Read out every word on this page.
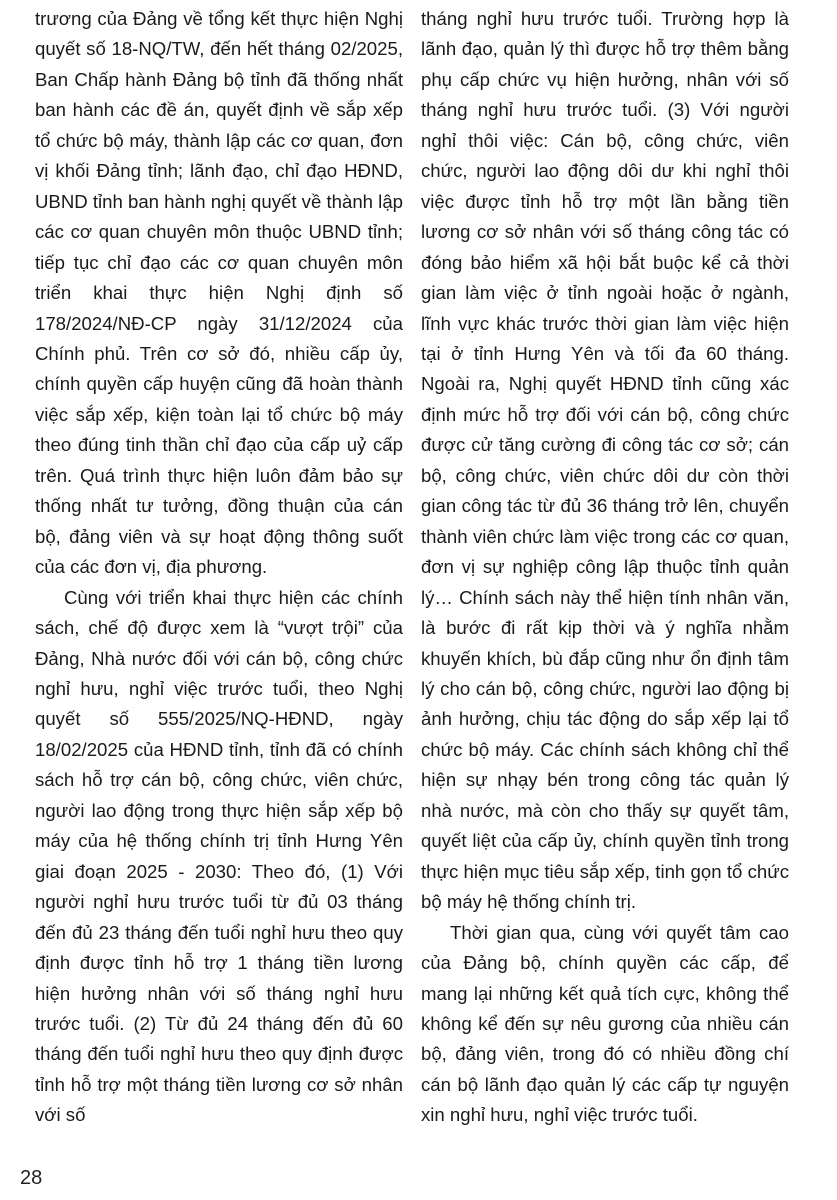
trương của Đảng về tổng kết thực hiện Nghị quyết số 18-NQ/TW, đến hết tháng 02/2025, Ban Chấp hành Đảng bộ tỉnh đã thống nhất ban hành các đề án, quyết định về sắp xếp tổ chức bộ máy, thành lập các cơ quan, đơn vị khối Đảng tỉnh; lãnh đạo, chỉ đạo HĐND, UBND tỉnh ban hành nghị quyết về thành lập các cơ quan chuyên môn thuộc UBND tỉnh; tiếp tục chỉ đạo các cơ quan chuyên môn triển khai thực hiện Nghị định số 178/2024/NĐ-CP ngày 31/12/2024 của Chính phủ. Trên cơ sở đó, nhiều cấp ủy, chính quyền cấp huyện cũng đã hoàn thành việc sắp xếp, kiện toàn lại tổ chức bộ máy theo đúng tinh thần chỉ đạo của cấp uỷ cấp trên. Quá trình thực hiện luôn đảm bảo sự thống nhất tư tưởng, đồng thuận của cán bộ, đảng viên và sự hoạt động thông suốt của các đơn vị, địa phương.

Cùng với triển khai thực hiện các chính sách, chế độ được xem là “vượt trội” của Đảng, Nhà nước đối với cán bộ, công chức nghỉ hưu, nghỉ việc trước tuổi, theo Nghị quyết số 555/2025/NQ-HĐND, ngày 18/02/2025 của HĐND tỉnh, tỉnh đã có chính sách hỗ trợ cán bộ, công chức, viên chức, người lao động trong thực hiện sắp xếp bộ máy của hệ thống chính trị tỉnh Hưng Yên giai đoạn 2025 - 2030: Theo đó, (1) Với người nghỉ hưu trước tuổi từ đủ 03 tháng đến đủ 23 tháng đến tuổi nghỉ hưu theo quy định được tỉnh hỗ trợ 1 tháng tiền lương hiện hưởng nhân với số tháng nghỉ hưu trước tuổi. (2) Từ đủ 24 tháng đến đủ 60 tháng đến tuổi nghỉ hưu theo quy định được tỉnh hỗ trợ một tháng tiền lương cơ sở nhân với số

tháng nghỉ hưu trước tuổi. Trường hợp là lãnh đạo, quản lý thì được hỗ trợ thêm bằng phụ cấp chức vụ hiện hưởng, nhân với số tháng nghỉ hưu trước tuổi. (3) Với người nghỉ thôi việc: Cán bộ, công chức, viên chức, người lao động dôi dư khi nghỉ thôi việc được tỉnh hỗ trợ một lần bằng tiền lương cơ sở nhân với số tháng công tác có đóng bảo hiểm xã hội bắt buộc kể cả thời gian làm việc ở tỉnh ngoài hoặc ở ngành, lĩnh vực khác trước thời gian làm việc hiện tại ở tỉnh Hưng Yên và tối đa 60 tháng. Ngoài ra, Nghị quyết HĐND tỉnh cũng xác định mức hỗ trợ đối với cán bộ, công chức được cử tăng cường đi công tác cơ sở; cán bộ, công chức, viên chức dôi dư còn thời gian công tác từ đủ 36 tháng trở lên, chuyển thành viên chức làm việc trong các cơ quan, đơn vị sự nghiệp công lập thuộc tỉnh quản lý… Chính sách này thể hiện tính nhân văn, là bước đi rất kịp thời và ý nghĩa nhằm khuyến khích, bù đắp cũng như ổn định tâm lý cho cán bộ, công chức, người lao động bị ảnh hưởng, chịu tác động do sắp xếp lại tổ chức bộ máy. Các chính sách không chỉ thể hiện sự nhạy bén trong công tác quản lý nhà nước, mà còn cho thấy sự quyết tâm, quyết liệt của cấp ủy, chính quyền tỉnh trong thực hiện mục tiêu sắp xếp, tinh gọn tổ chức bộ máy hệ thống chính trị.

Thời gian qua, cùng với quyết tâm cao của Đảng bộ, chính quyền các cấp, để mang lại những kết quả tích cực, không thể không kể đến sự nêu gương của nhiều cán bộ, đảng viên, trong đó có nhiều đồng chí cán bộ lãnh đạo quản lý các cấp tự nguyện xin nghỉ hưu, nghỉ việc trước tuổi.

28
